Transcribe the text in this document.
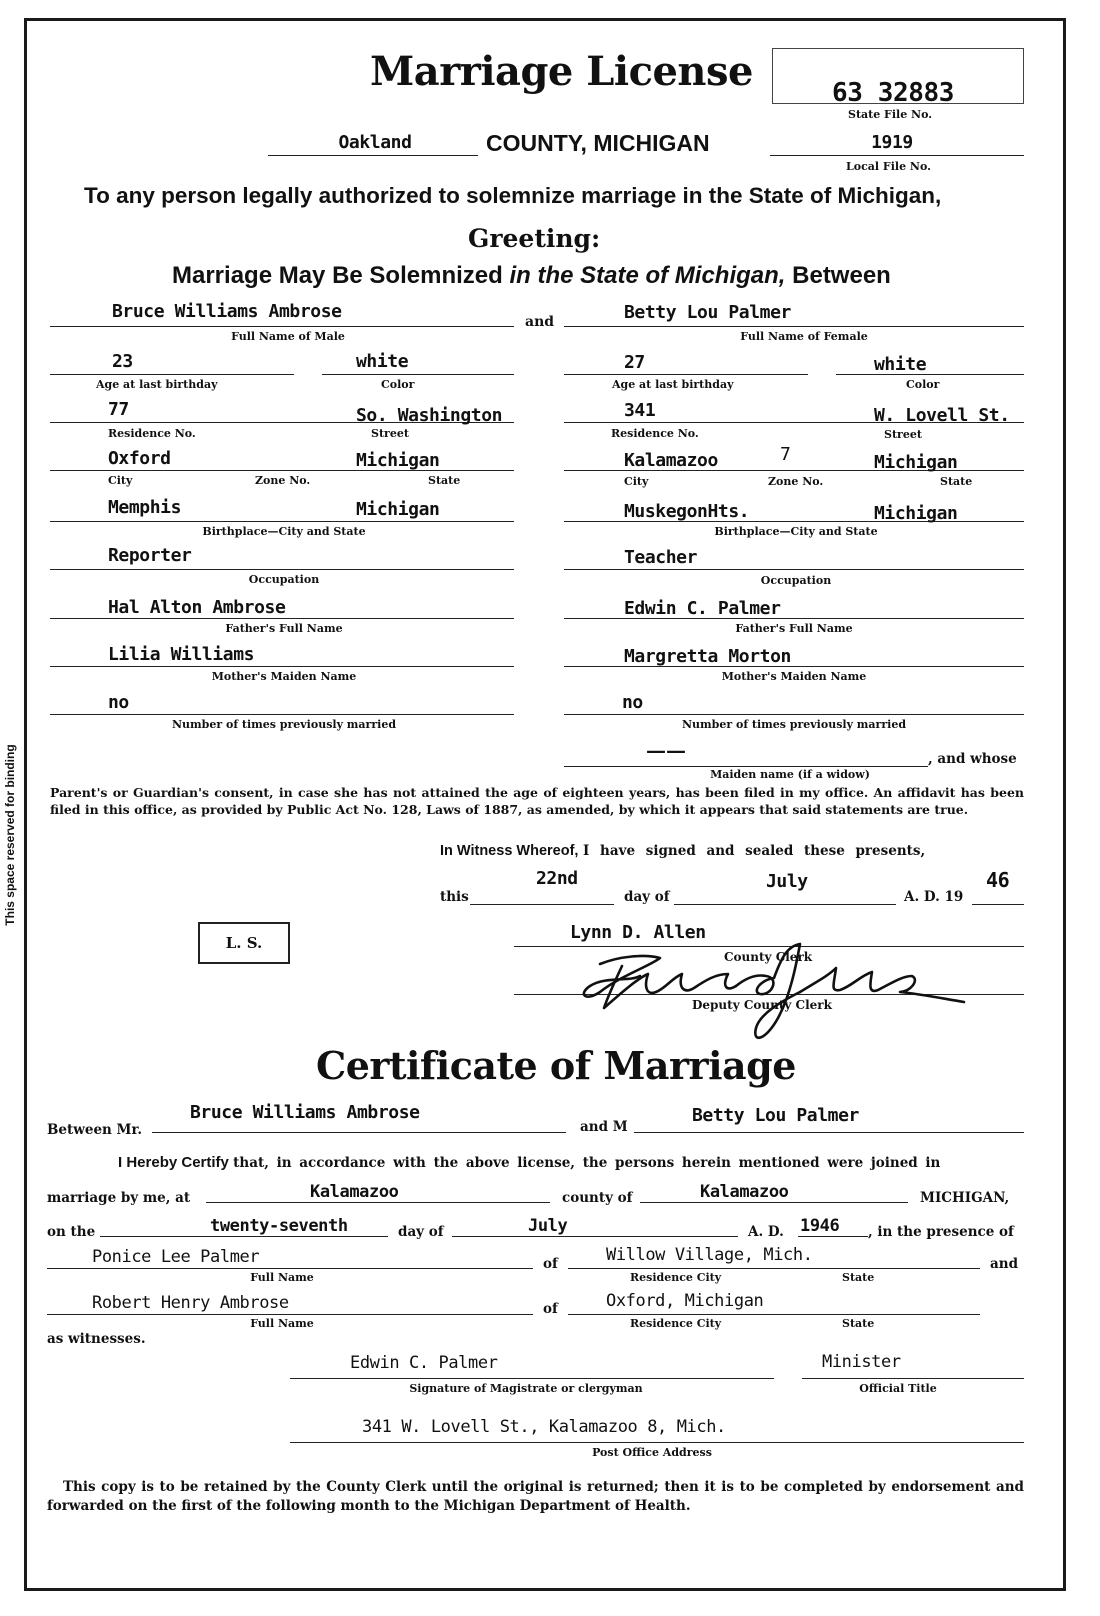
This space reserved for binding
Marriage License	63 32883
State File No.
Oakland	COUNTY, MICHIGAN	1919
Local File No.
To any person legally authorized to solemnize marriage in the State of Michigan,
Greeting:
Marriage May Be Solemnized in the State of Michigan, Between
Bruce Williams Ambrose
Full Name of Male
and
23
Age at last birthday
white
Color
77	So. Washington
Residence No.	Street
Oxford	Michigan
City	Zone No.	State
Memphis	Michigan
Birthplace—City and State
Reporter
Occupation
Hal Alton Ambrose
Father's Full Name
Lilia Williams
Mother's Maiden Name
no
Number of times previously married
Betty Lou Palmer
Full Name of Female
27
Age at last birthday
white
Color
341	W. Lovell St.
Residence No.	Street
Kalamazoo	7	Michigan
City	Zone No.	State
MuskegonHts.	Michigan
Birthplace—City and State
Teacher
Occupation
Edwin C. Palmer
Father's Full Name
Margretta Morton
Mother's Maiden Name
no
Number of times previously married
——	, and whose
Maiden name (if a widow)
Parent's or Guardian's consent, in case she has not attained the age of eighteen years, has been filed in my office. An affidavit has been filed in this office, as provided by Public Act No. 128, Laws of 1887, as amended, by which it appears that said statements are true.
In Witness Whereof, I have signed and sealed these presents,
this
22nd
day of
July
A. D. 19
46
L. S.	Lynn D. Allen
County Clerk
Deputy County Clerk
Certificate of Marriage
Between Mr.
Bruce Williams Ambrose
and M
Betty Lou Palmer
I Hereby Certify that, in accordance with the above license, the persons herein mentioned were joined in
marriage by me, at	Kalamazoo	county of	Kalamazoo	MICHIGAN,
on the	twenty-seventh	day of	July	A. D. 1946 , in the presence of
Ponice Lee Palmer
Full Name
of	Willow Village, Mich.
Residence City	State
and
Robert Henry Ambrose
Full Name
of	Oxford, Michigan
Residence City	State
as witnesses.
Edwin C. Palmer
Signature of Magistrate or clergyman
Minister
Official Title
341 W. Lovell St., Kalamazoo 8, Mich.
Post Office Address
This copy is to be retained by the County Clerk until the original is returned; then it is to be completed by endorsement and forwarded on the first of the following month to the Michigan Department of Health.
